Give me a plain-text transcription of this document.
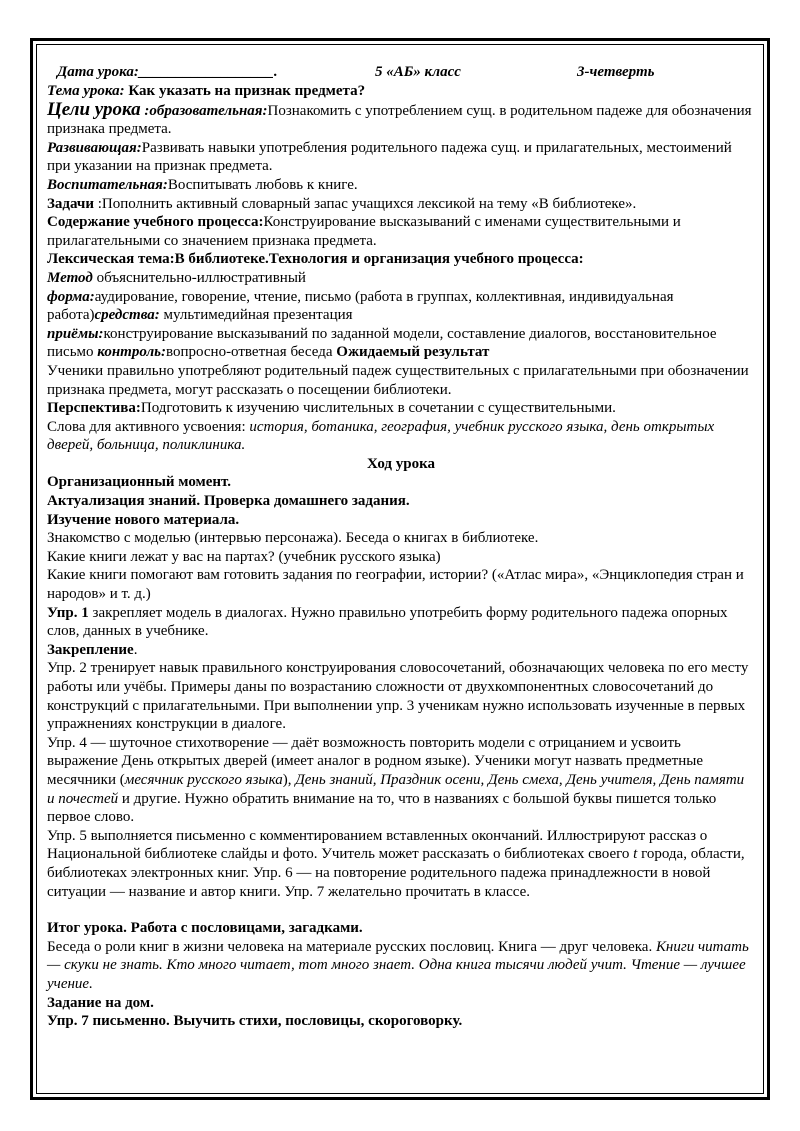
Дата урока:__________________.	5 «АБ» класс	3-четверть

Тема урока: Как указать на признак предмета?

Цели урока :образовательная:Познакомить с употреблением сущ. в родительном падеже для обозначения признака предмета.

Развивающая:Развивать навыки употребления родительного падежа сущ. и прилагательных, местоимений при указании на признак предмета.

Воспитательная:Воспитывать любовь к книге.

Задачи :Пополнить активный словарный запас учащихся лексикой на тему «В библиотеке».

Содержание учебного процесса:Конструирование высказываний с именами существительными и прилагательными со значением признака предмета.

Лексическая тема:В библиотеке.Технология и организация учебного процесса:

Метод объяснительно-иллюстративный

форма:аудирование, говорение, чтение, письмо (работа в группах, коллективная, индивидуальная работа)средства: мультимедийная презентация

приёмы:конструирование высказываний по заданной модели, составление диалогов, восстановительное письмо контроль:вопросно-ответная беседа Ожидаемый результат

Ученики правильно употребляют родительный падеж существительных с прилагательными при обозначении признака предмета, могут рассказать о посещении библиотеки.

Перспектива:Подготовить к изучению числительных в сочетании с существительными.

Слова для активного усвоения: история, ботаника, география, учебник русского языка, день открытых дверей, больница, поликлиника.

Ход урока

Организационный момент.

Актуализация знаний. Проверка домашнего задания.

Изучение нового материала.

Знакомство с моделью (интервью персонажа). Беседа о книгах в библиотеке.

Какие книги лежат у вас на партах? (учебник русского языка)

Какие книги помогают вам готовить задания по географии, истории? («Атлас мира», «Энциклопедия стран и народов» и т. д.)

Упр. 1 закрепляет модель в диалогах. Нужно правильно употребить форму родительного падежа опорных слов, данных в учебнике.

Закрепление.

Упр. 2 тренирует навык правильного конструирования словосочетаний, обозначающих человека по его месту работы или учёбы. Примеры даны по возрастанию сложности от двухкомпонентных словосочетаний до конструкций с прилагательными. При выполнении упр. 3 ученикам нужно использовать изученные в первых упражнениях конструкции в диалоге.

Упр. 4 — шуточное стихотворение — даёт возможность повторить модели с отрицанием и усвоить выражение День открытых дверей (имеет аналог в родном языке). Ученики могут назвать предметные месячники (месячник русского языка), День знаний, Праздник осени, День смеха, День учителя, День памяти и почестей и другие. Нужно обратить внимание на то, что в названиях с большой буквы пишется только первое слово.

Упр. 5 выполняется письменно с комментированием вставленных окончаний. Иллюстрируют рассказ о Национальной библиотеке слайды и фото. Учитель может рассказать о библиотеках своего t города, области, библиотеках электронных книг. Упр. 6 — на повторение родительного падежа принадлежности в новой ситуации — название и автор книги. Упр. 7 желательно прочитать в классе.

Итог урока. Работа с пословицами, загадками.

Беседа о роли книг в жизни человека на материале русских пословиц. Книга — друг человека. Книги читать — скуки не знать. Кто много читает, тот много знает. Одна книга тысячи людей учит. Чтение — лучшее учение.

Задание на дом.

Упр. 7 письменно. Выучить стихи, пословицы, скороговорку.
